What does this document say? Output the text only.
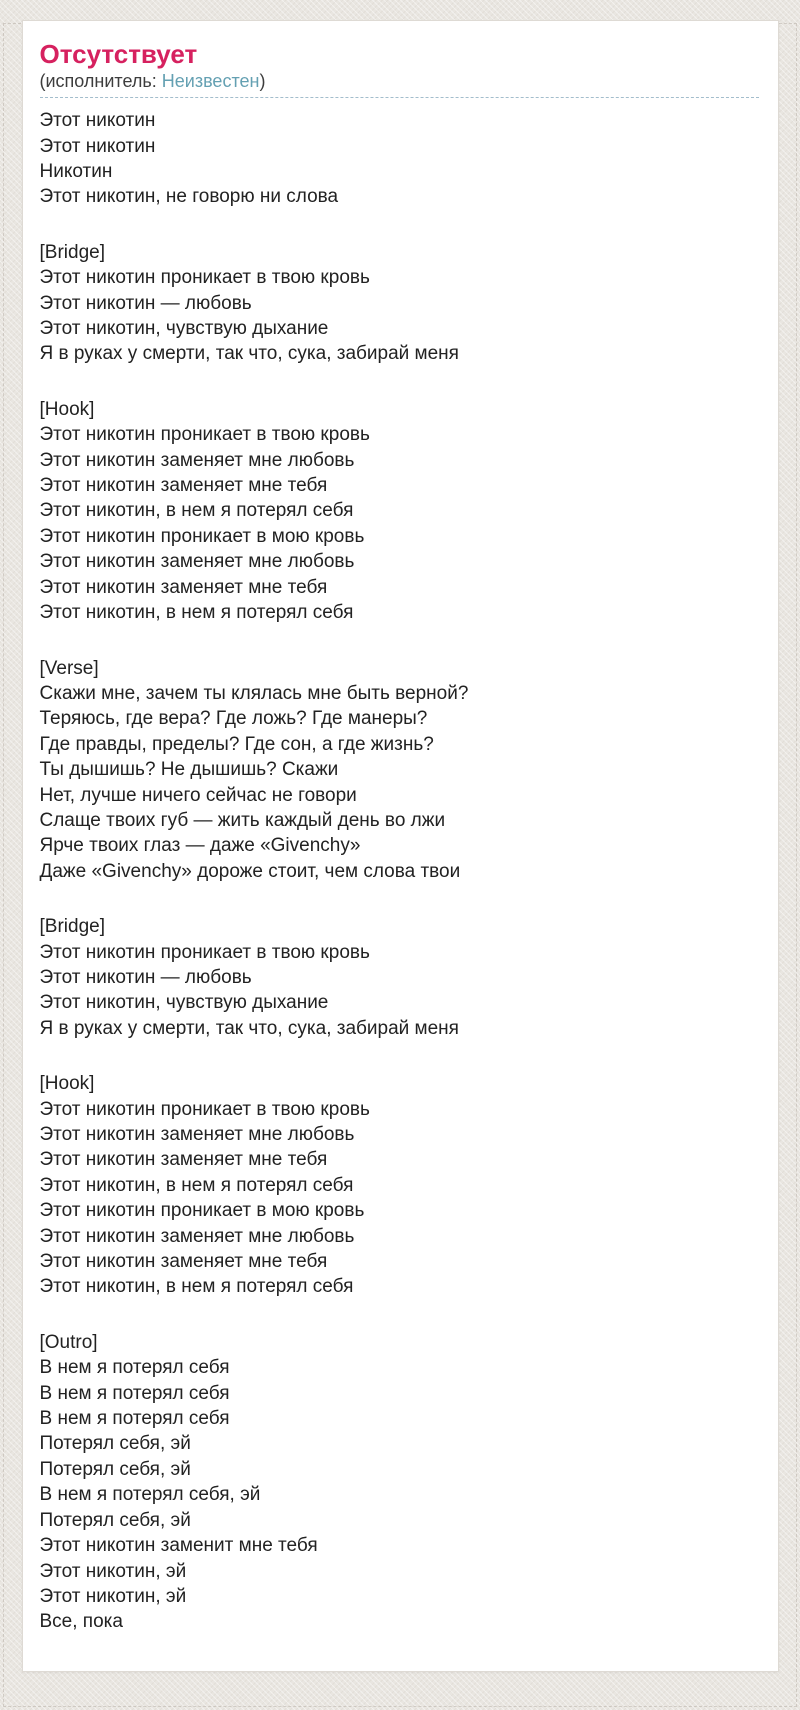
Отсутствует
(исполнитель: Неизвестен)
Этот никотин
Этот никотин
Никотин
Этот никотин, не говорю ни слова
[Bridge]
Этот никотин проникает в твою кровь
Этот никотин — любовь
Этот никотин, чувствую дыхание
Я в руках у смерти, так что, сука, забирай меня
[Hook]
Этот никотин проникает в твою кровь
Этот никотин заменяет мне любовь
Этот никотин заменяет мне тебя
Этот никотин, в нем я потерял себя
Этот никотин проникает в мою кровь
Этот никотин заменяет мне любовь
Этот никотин заменяет мне тебя
Этот никотин, в нем я потерял себя
[Verse]
Скажи мне, зачем ты клялась мне быть верной?
Теряюсь, где вера? Где ложь? Где манеры?
Где правды, пределы? Где сон, а где жизнь?
Ты дышишь? Не дышишь? Скажи
Нет, лучше ничего сейчас не говори
Слаще твоих губ — жить каждый день во лжи
Ярче твоих глаз — даже «Givenchy»
Даже «Givenchy» дороже стоит, чем слова твои
[Bridge]
Этот никотин проникает в твою кровь
Этот никотин — любовь
Этот никотин, чувствую дыхание
Я в руках у смерти, так что, сука, забирай меня
[Hook]
Этот никотин проникает в твою кровь
Этот никотин заменяет мне любовь
Этот никотин заменяет мне тебя
Этот никотин, в нем я потерял себя
Этот никотин проникает в мою кровь
Этот никотин заменяет мне любовь
Этот никотин заменяет мне тебя
Этот никотин, в нем я потерял себя
[Outro]
В нем я потерял себя
В нем я потерял себя
В нем я потерял себя
Потерял себя, эй
Потерял себя, эй
В нем я потерял себя, эй
Потерял себя, эй
Этот никотин заменит мне тебя
Этот никотин, эй
Этот никотин, эй
Все, пока
